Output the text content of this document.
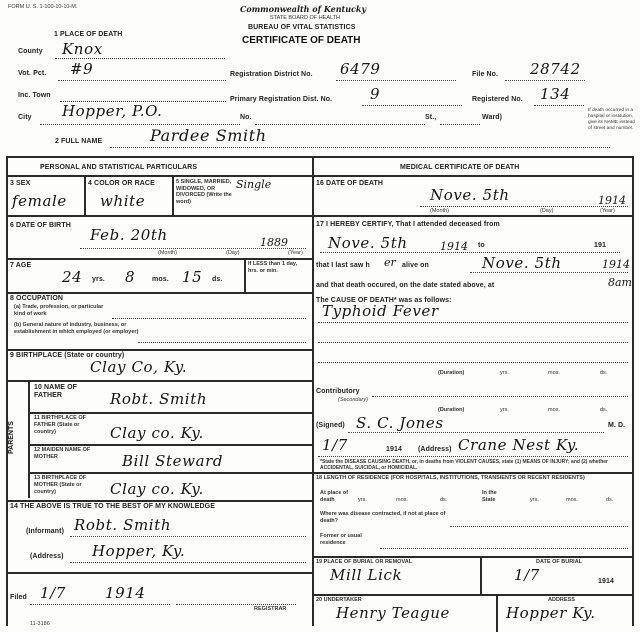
FORM U. S. 1-100-10-10-M.	Commonwealth of Kentucky
STATE BOARD OF HEALTH
BUREAU OF VITAL STATISTICS
CERTIFICATE OF DEATH
1 PLACE OF DEATH
County Knox
Vot. Pct. #9
Inc. Town
City Hopper, P.O.	No.	St.,	Ward)
Registration District No. 6479
Primary Registration Dist. No.	9
File No. 28742
Registered No. 134
If death occurred in a hospital or institution, give its NAME instead of street and number.
2 FULL NAME	Pardee Smith
PERSONAL AND STATISTICAL PARTICULARS
3 SEX
female
4 COLOR OR RACE
white
5 SINGLE, MARRIED, WIDOWED, OR DIVORCED (Write the word)
Single
6 DATE OF BIRTH
Feb. 20th	1889
(Month)	(Day)	(Year)
7 AGE
24 yrs. 8 mos. 15 ds.
If LESS than 1 day, hrs. or min.
8 OCCUPATION
(a) Trade, profession, or particular kind of work
(b) General nature of industry, business, or establishment in which employed (or employer)
9 BIRTHPLACE (State or country)
Clay Co, Ky.
PARENTS
10 NAME OF FATHER	Robt. Smith
11 BIRTHPLACE OF FATHER (State or country)	Clay co. Ky.
12 MAIDEN NAME OF MOTHER	Bill Steward
13 BIRTHPLACE OF MOTHER (State or country)	Clay co. Ky.
14 THE ABOVE IS TRUE TO THE BEST OF MY KNOWLEDGE
(Informant) Robt. Smith
(Address) Hopper, Ky.
Filed 1/7	1914
REGISTRAR
11-3186
MEDICAL CERTIFICATE OF DEATH
16 DATE OF DEATH
Nove. 5th	1914
(Month)	(Day)	(Year)
17 I HEREBY CERTIFY, That I attended deceased from
Nove. 5th	1914 to	191
that I last saw h er alive on	Nove. 5th	1914
and that death occured, on the date stated above, at	8am
The CAUSE OF DEATH* was as follows:
Typhoid Fever
(Duration)	yrs.	mos.	ds.
Contributory
(Secondary)
(Duration)	yrs.	mos.	ds.
(Signed) S. C. Jones	M. D.
1/7	1914 (Address) Crane Nest Ky.
*State the DISEASE CAUSING DEATH, or, in deaths from VIOLENT CAUSES, state (1) MEANS OF INJURY; and (2) whether ACCIDENTAL, SUICIDAL, or HOMICIDAL.
18 LENGTH OF RESIDENCE (FOR HOSPITALS, INSTITUTIONS, TRANSIENTS OR RECENT RESIDENTS)
At place of death	yrs.	mos.	ds.
In the State	yrs.	mos.	ds.
Where was disease contracted, if not at place of death?
Former or usual residence
19 PLACE OF BURIAL OR REMOVAL
Mill Lick
DATE OF BURIAL
1/7	1914
20 UNDERTAKER
Henry Teague
ADDRESS
Hopper Ky.
